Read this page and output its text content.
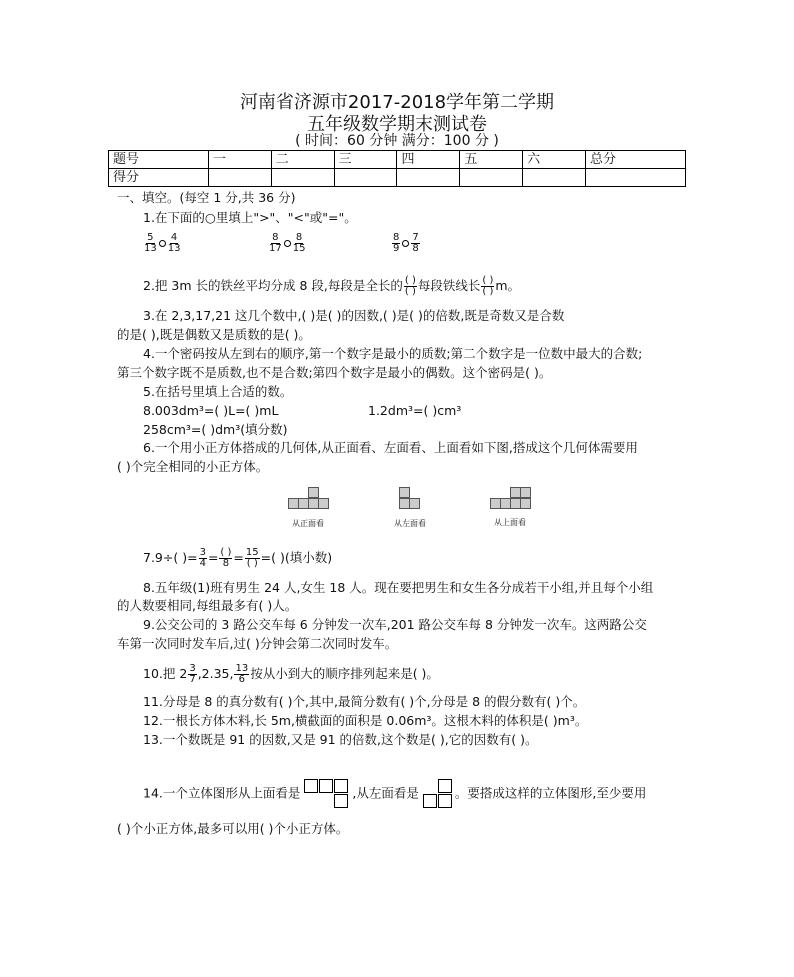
河南省济源市2017-2018学年第二学期
五年级数学期末测试卷
( 时间：60 分钟 满分：100 分 )
题号	一	二	三	四	五	六	总分
得分							
一、填空。(每空 1 分,共 36 分)
1.在下面的○里填上">"、"<"或"="。
$\frac{5}{13} \frac{4}{13}$	$\frac{8}{17} \frac{8}{15}$	$\frac{8}{9} \frac{7}{8}$
2.把 3m 长的铁丝平均分成 8 段,每段是全长的 $\frac{( )}{( )}$ 每段铁线长 $\frac{( )}{( )}$ m。
3.在 2,3,17,21 这几个数中,( )是( )的因数,( )是( )的倍数,既是奇数又是合数
的是( ),既是偶数又是质数的是( )。
4.一个密码按从左到右的顺序,第一个数字是最小的质数;第二个数字是一位数中最大的合数;
第三个数字既不是质数,也不是合数;第四个数字是最小的偶数。这个密码是( )。
5.在括号里填上合适的数。
8.003dm³=( )L=( )mL	1.2dm³=( )cm³
258cm³=( )dm³(填分数)
6.一个用小正方体搭成的几何体,从正面看、左面看、上面看如下图,搭成这个几何体需要用
( )个完全相同的小正方体。
从正面看	从左面看	从上面看
7.9÷( )= $\frac{3}{4} = \frac{( )}{8} = \frac{15}{( )}$ =( )(填小数)
8.五年级(1)班有男生 24 人,女生 18 人。现在要把男生和女生各分成若干小组,并且每个小组
的人数要相同,每组最多有( )人。
9.公交公司的 3 路公交车每 6 分钟发一次车,201 路公交车每 8 分钟发一次车。这两路公交
车第一次同时发车后,过( )分钟会第二次同时发车。
10.把 $2 \frac{3}{7} ,2.35$, $\frac{13}{6}$ 按从小到大的顺序排列起来是( )。
11.分母是 8 的真分数有( )个,其中,最简分数有( )个,分母是 8 的假分数有( )个。
12.一根长方体木料,长 5m,横截面的面积是 0.06m³。这根木料的体积是( )m³。
13.一个数既是 91 的因数,又是 91 的倍数,这个数是( ),它的因数有( )。
14.一个立体图形从上面看是	,从左面看是	。要搭成这样的立体图形,至少要用
( )个小正方体,最多可以用( )个小正方体。
